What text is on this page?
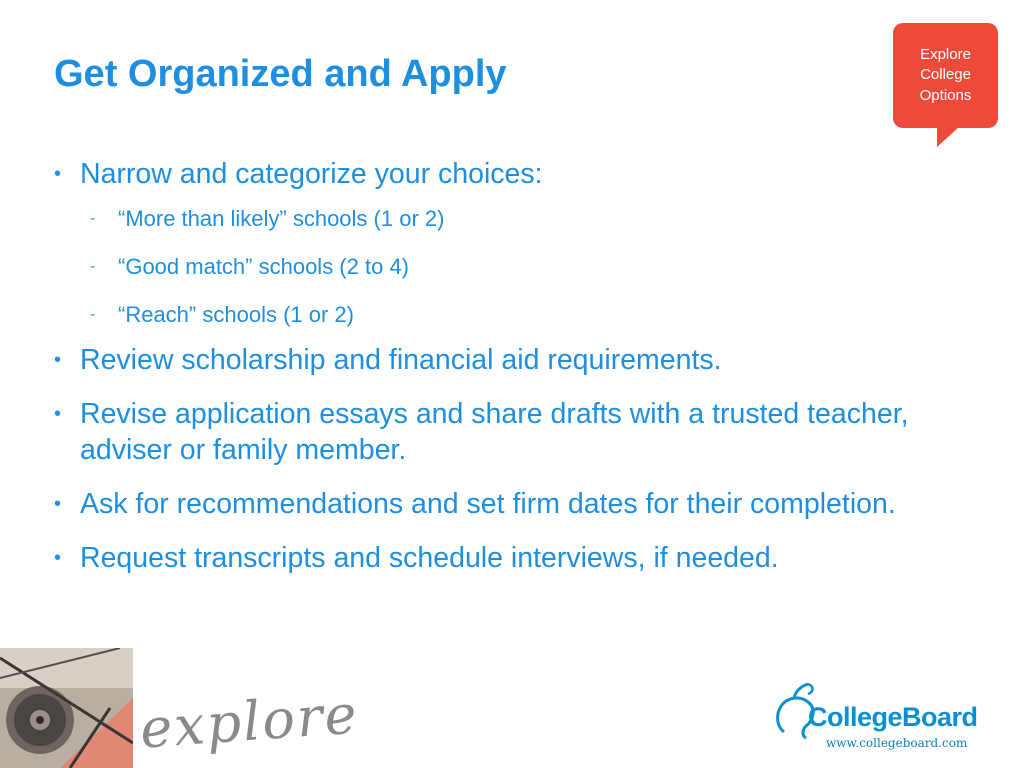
Get Organized and Apply	Explore
College
Options
• Narrow and categorize your choices:
- “More than likely” schools (1 or 2)
- “Good match” schools (2 to 4)
- “Reach” schools (1 or 2)
• Review scholarship and financial aid requirements.
• Revise application essays and share drafts with a trusted teacher, adviser or family member.
• Ask for recommendations and set firm dates for their completion.
• Request transcripts and schedule interviews, if needed.
explore	CollegeBoard
www.collegeboard.com
